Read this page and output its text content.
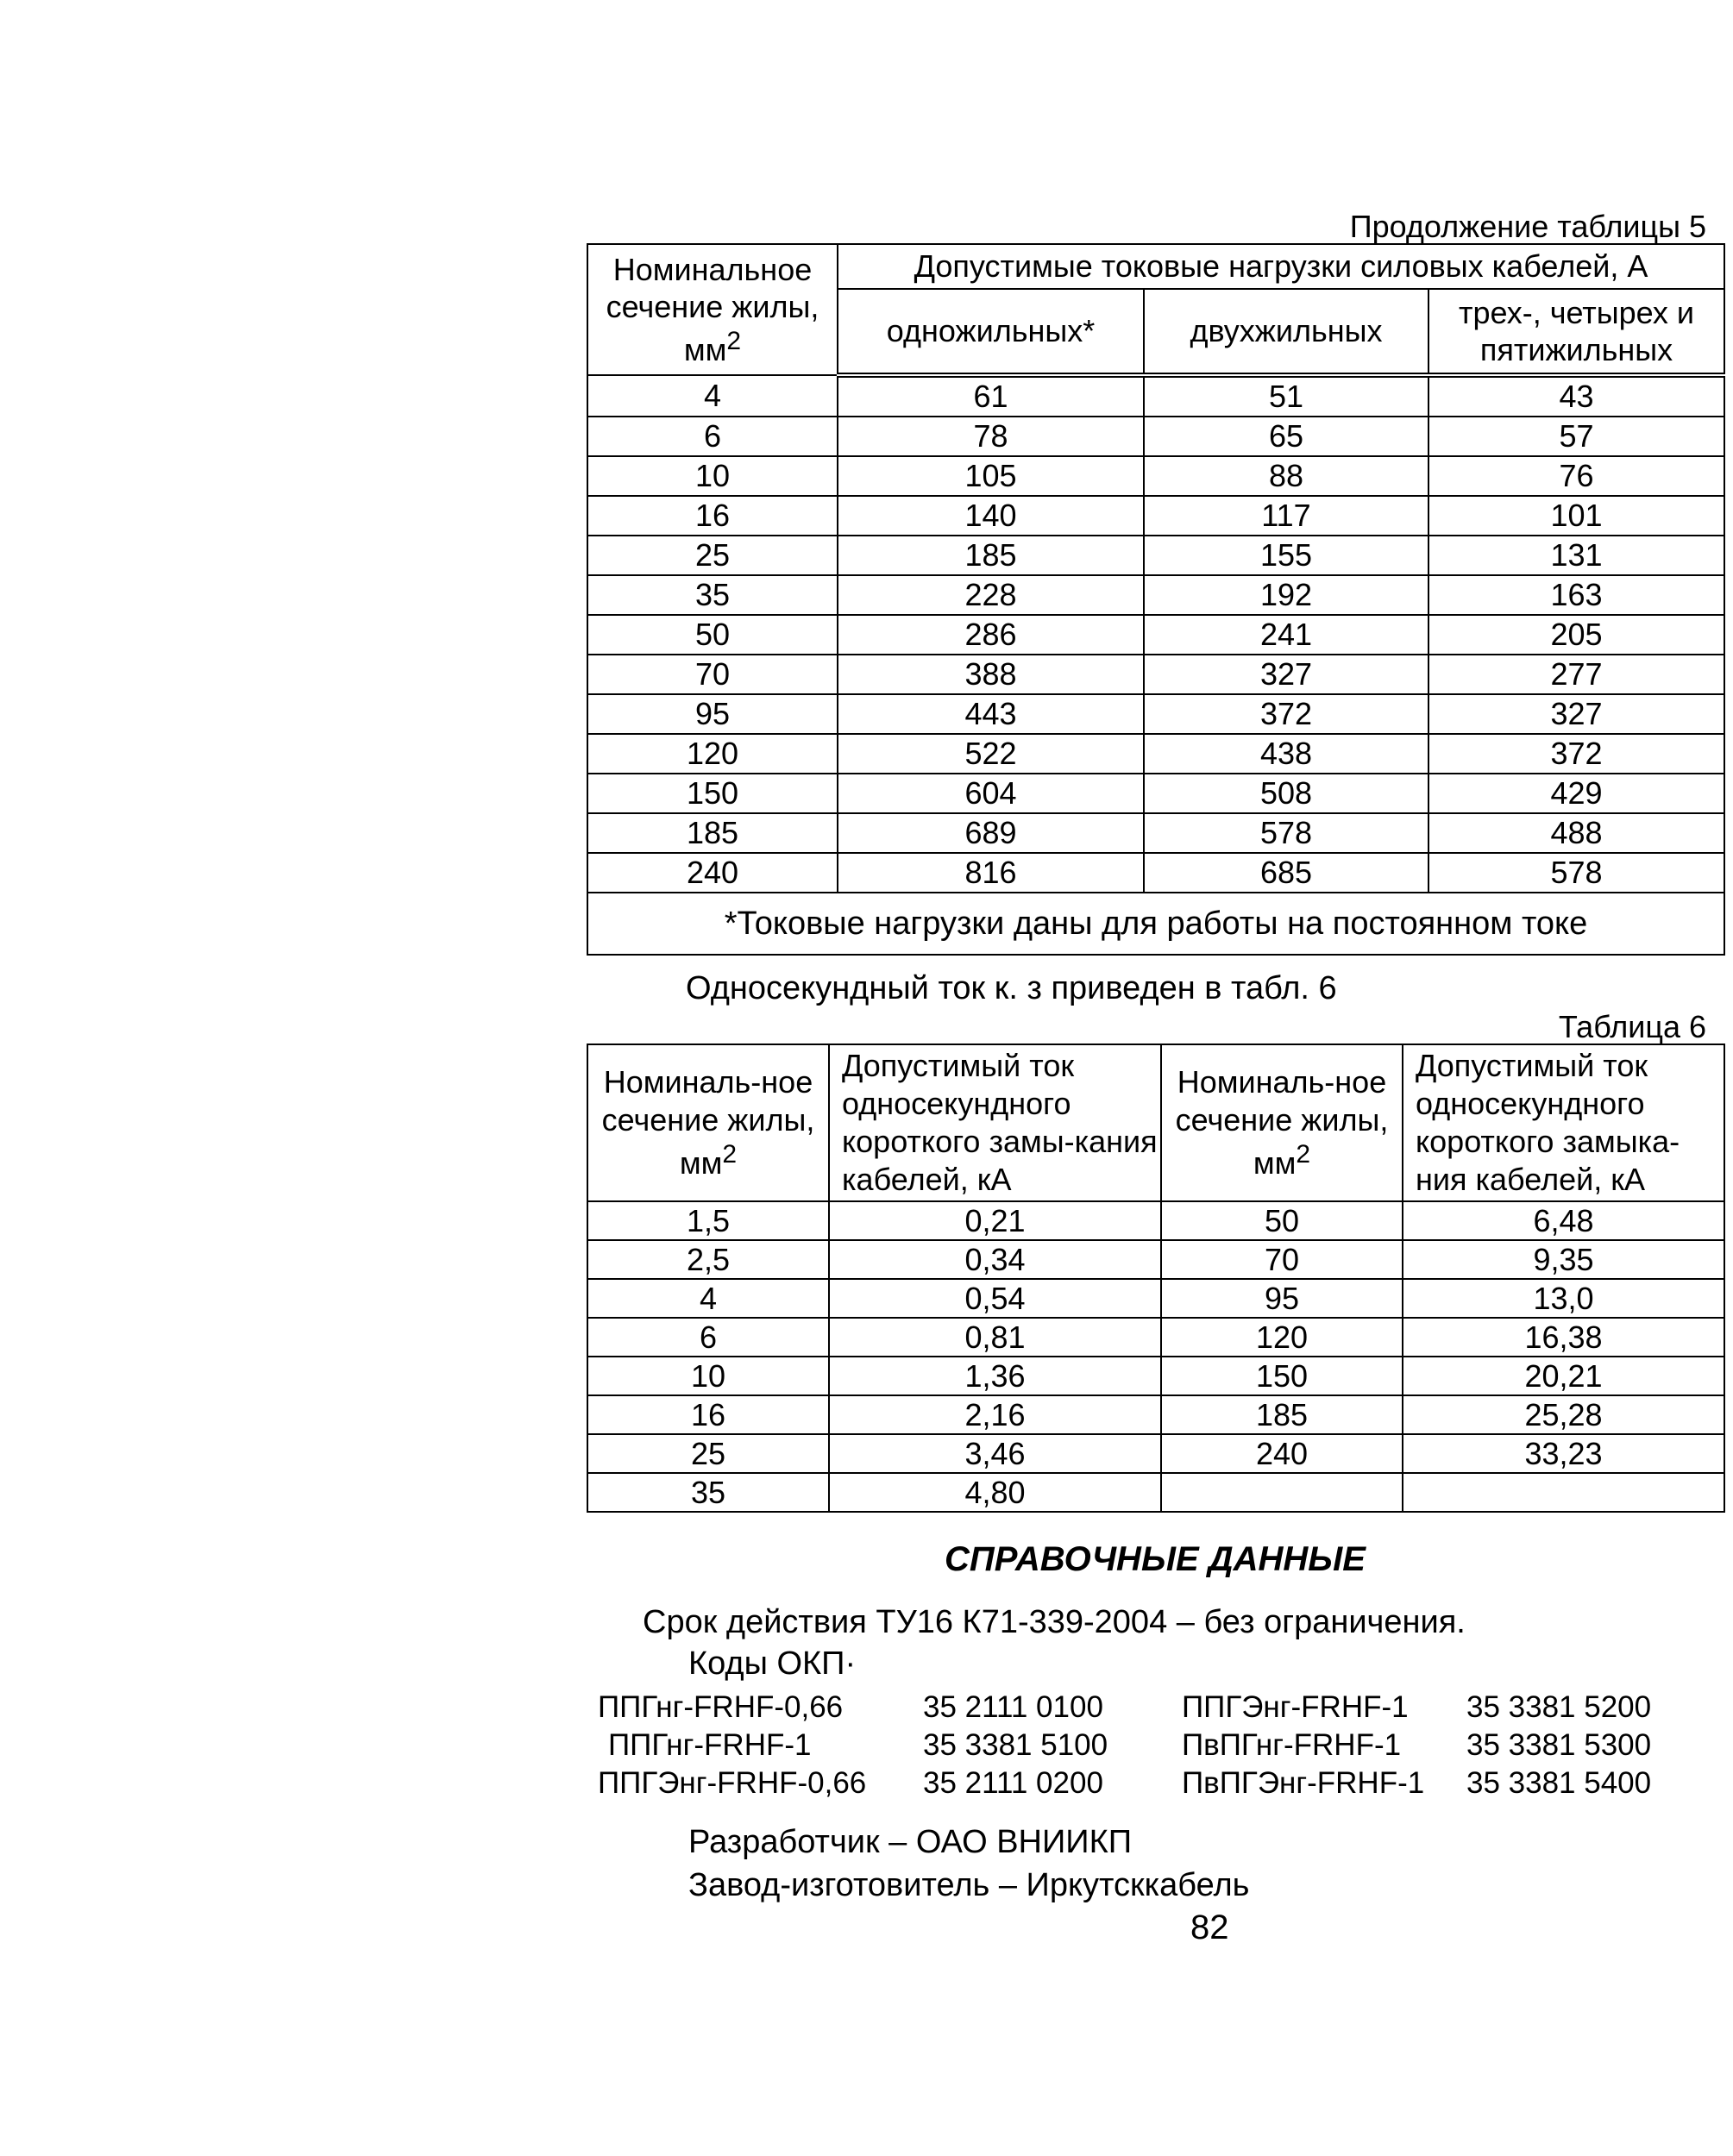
Продолжение таблицы 5
Номинальное сечение жилы, $мм^2$	Допустимые токовые нагрузки силовых кабелей, А		
	одножильных*	двухжильных	трех-, четырех и пятижильных
4	61	51	43
6	78	65	57
10	105	88	76
16	140	117	101
25	185	155	131
35	228	192	163
50	286	241	205
70	388	327	277
95	443	372	327
120	522	438	372
150	604	508	429
185	689	578	488
240	816	685	578
*Токовые нагрузки даны для работы на постоянном токе			
Односекундный ток к. з приведен в табл. 6
Таблица 6
Номиналь-ное сечение жилы, $мм^2$	Допустимый ток односекундного короткого замы-кания кабелей, кА	Номиналь-ное сечение жилы, $мм^2$	Допустимый ток односекундного короткого замыка-ния кабелей, кА
1,5	0,21	50	6,48
2,5	0,34	70	9,35
4	0,54	95	13,0
6	0,81	120	16,38
10	1,36	150	20,21
16	2,16	185	25,28
25	3,46	240	33,23
35	4,80		
СПРАВОЧНЫЕ ДАННЫЕ
Срок действия ТУ16 К71-339-2004 – без ограничения.
Коды ОКП·
ППГнг-FRHF-0,66	35 2111 0100	ППГЭнг-FRHF-1 35 3381 5200
ППГнг-FRHF-1	35 3381 5100 ПвПГнг-FRHF-1 35 3381 5300
ППГЭнг-FRHF-0,66 35 2111 0200	ПвПГЭнг-FRHF-1 35 3381 5400
Разработчик – ОАО ВНИИКП
Завод-изготовитель – Иркутсккабель
82
